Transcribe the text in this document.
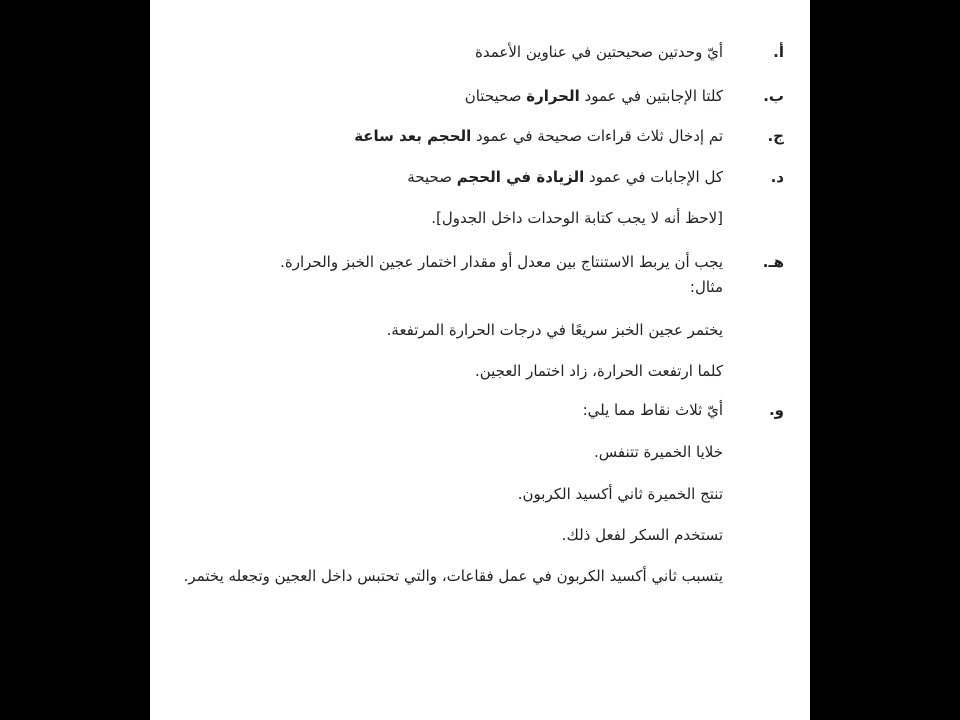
أ.
أيّ وحدتين صحيحتين في عناوين الأعمدة
ب.
كلتا الإجابتين في عمود الحرارة صحيحتان
ج.
تم إدخال ثلاث قراءات صحيحة في عمود الحجم بعد ساعة
د.
كل الإجابات في عمود الزيادة في الحجم صحيحة
[لاحظ أنه لا يجب كتابة الوحدات داخل الجدول].
هـ.
يجب أن يربط الاستنتاج بين معدل أو مقدار اختمار عجين الخبز والحرارة.
مثال:
يختمر عجين الخبز سريعًا في درجات الحرارة المرتفعة.
كلما ارتفعت الحرارة، زاد اختمار العجين.
و.
أيّ ثلاث نقاط مما يلي:
خلايا الخميرة تتنفس.
تنتج الخميرة ثاني أكسيد الكربون.
تستخدم السكر لفعل ذلك.
يتسبب ثاني أكسيد الكربون في عمل فقاعات، والتي تحتبس داخل العجين وتجعله يختمر.
